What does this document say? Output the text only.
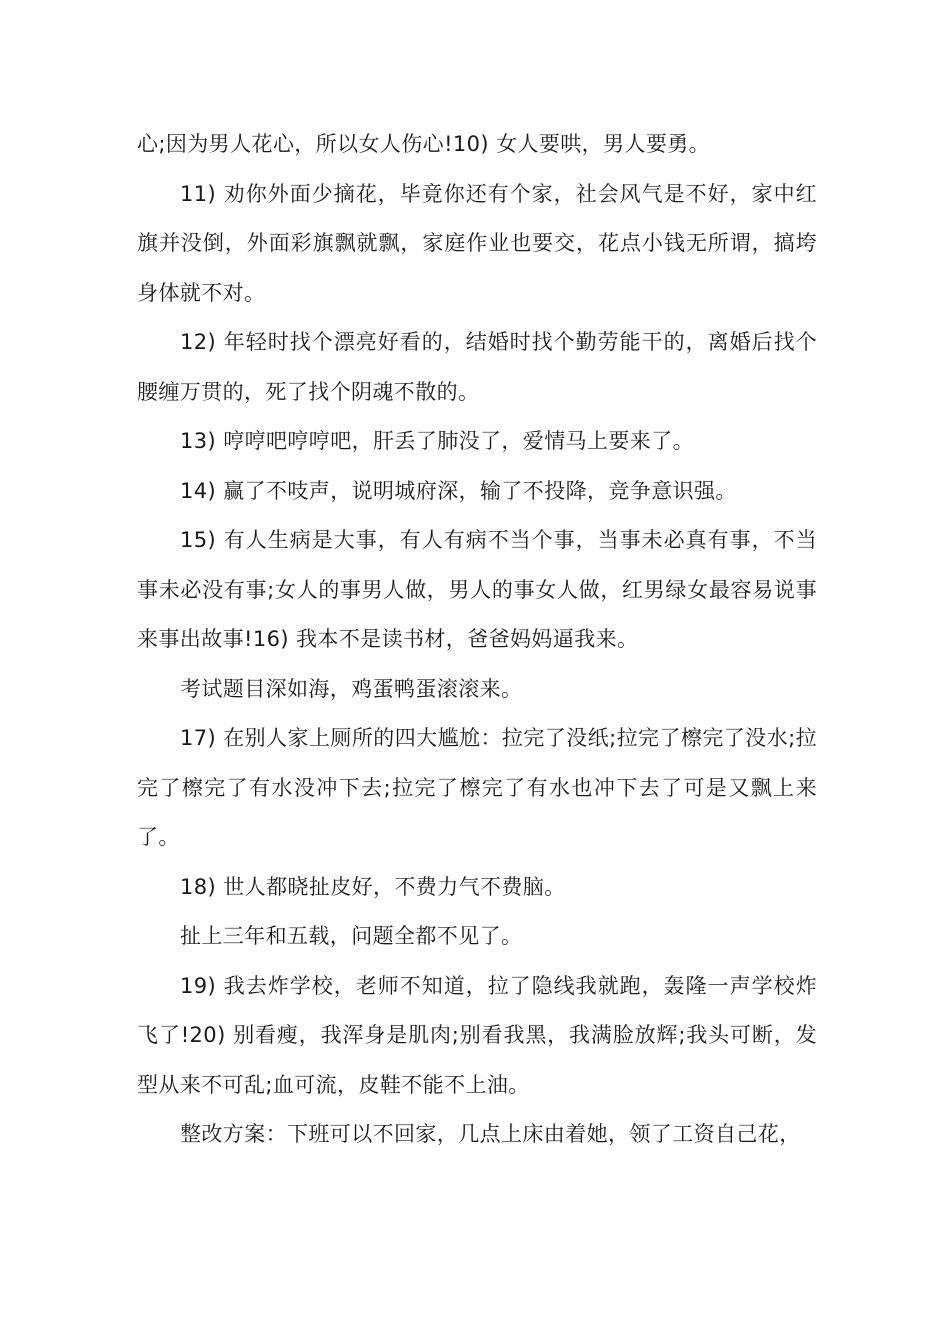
心;因为男人花心，所以女人伤心!10) 女人要哄，男人要勇。

11) 劝你外面少摘花，毕竟你还有个家，社会风气是不好，家中红旗并没倒，外面彩旗飘就飘，家庭作业也要交，花点小钱无所谓，搞垮身体就不对。

12) 年轻时找个漂亮好看的，结婚时找个勤劳能干的，离婚后找个腰缠万贯的，死了找个阴魂不散的。

13) 哼哼吧哼哼吧，肝丢了肺没了，爱情马上要来了。

14) 赢了不吱声，说明城府深，输了不投降，竞争意识强。

15) 有人生病是大事，有人有病不当个事，当事未必真有事，不当事未必没有事;女人的事男人做，男人的事女人做，红男绿女最容易说事来事出故事!16) 我本不是读书材，爸爸妈妈逼我来。

考试题目深如海，鸡蛋鸭蛋滚滚来。

17) 在别人家上厕所的四大尴尬：拉完了没纸;拉完了檫完了没水;拉完了檫完了有水没冲下去;拉完了檫完了有水也冲下去了可是又飘上来了。

18) 世人都晓扯皮好，不费力气不费脑。

扯上三年和五载，问题全都不见了。

19) 我去炸学校，老师不知道，拉了隐线我就跑，轰隆一声学校炸飞了!20) 别看瘦，我浑身是肌肉;别看我黑，我满脸放辉;我头可断，发型从来不可乱;血可流，皮鞋不能不上油。

整改方案：下班可以不回家，几点上床由着她，领了工资自己花，
